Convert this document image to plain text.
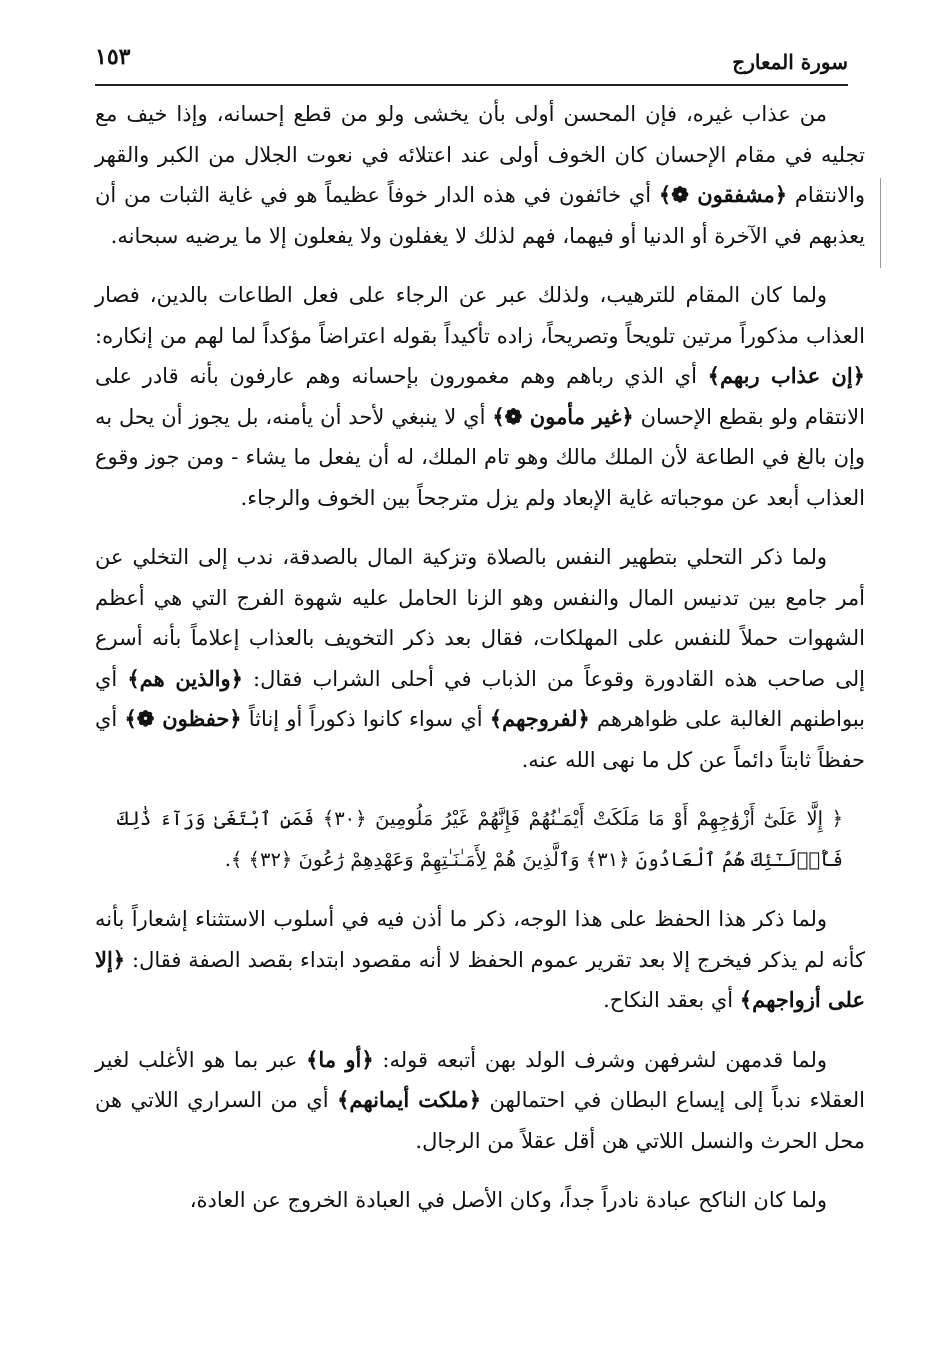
سورة المعارج
١٥٣

من عذاب غيره، فإن المحسن أولى بأن يخشى ولو من قطع إحسانه، وإذا خيف مع تجليه في مقام الإحسان كان الخوف أولى عند اعتلائه في نعوت الجلال من الكبر والقهر والانتقام ﴿مشفقون ❁﴾ أي خائفون في هذه الدار خوفاً عظيماً هو في غاية الثبات من أن يعذبهم في الآخرة أو الدنيا أو فيهما، فهم لذلك لا يغفلون ولا يفعلون إلا ما يرضيه سبحانه.

ولما كان المقام للترهيب، ولذلك عبر عن الرجاء على فعل الطاعات بالدين، فصار العذاب مذكوراً مرتين تلويحاً وتصريحاً، زاده تأكيداً بقوله اعتراضاً مؤكداً لما لهم من إنكاره: ﴿إن عذاب ربهم﴾ أي الذي رباهم وهم مغمورون بإحسانه وهم عارفون بأنه قادر على الانتقام ولو بقطع الإحسان ﴿غير مأمون ❁﴾ أي لا ينبغي لأحد أن يأمنه، بل يجوز أن يحل به وإن بالغ في الطاعة لأن الملك مالك وهو تام الملك، له أن يفعل ما يشاء - ومن جوز وقوع العذاب أبعد عن موجباته غاية الإبعاد ولم يزل مترجحاً بين الخوف والرجاء.

ولما ذكر التحلي بتطهير النفس بالصلاة وتزكية المال بالصدقة، ندب إلى التخلي عن أمر جامع بين تدنيس المال والنفس وهو الزنا الحامل عليه شهوة الفرج التي هي أعظم الشهوات حملاً للنفس على المهلكات، فقال بعد ذكر التخويف بالعذاب إعلاماً بأنه أسرع إلى صاحب هذه القادورة وقوعاً من الذباب في أحلى الشراب فقال: ﴿والذين هم﴾ أي ببواطنهم الغالبة على ظواهرهم ﴿لفروجهم﴾ أي سواء كانوا ذكوراً أو إناثاً ﴿حفظون ❁﴾ أي حفظاً ثابتاً دائماً عن كل ما نهى الله عنه.

﴿ إِلَّا عَلَىٰٓ أَزْوَٰجِهِمْ أَوْ مَا مَلَكَتْ أَيْمَـٰنُهُمْ فَإِنَّهُمْ غَيْرُ مَلُومِينَ ﴿٣٠﴾ فَمَنِ ٱبْتَغَىٰ وَرَآءَ ذَٰلِكَ فَأُو۟لَـٰٓئِكَ هُمُ ٱلْعَادُونَ ﴿٣١﴾ وَٱلَّذِينَ هُمْ لِأَمَـٰنَـٰتِهِمْ وَعَهْدِهِمْ رَٰعُونَ ﴿٣٢﴾ ﴾.

ولما ذكر هذا الحفظ على هذا الوجه، ذكر ما أذن فيه في أسلوب الاستثناء إشعاراً بأنه كأنه لم يذكر فيخرج إلا بعد تقرير عموم الحفظ لا أنه مقصود ابتداء بقصد الصفة فقال: ﴿إلا على أزواجهم﴾ أي بعقد النكاح.

ولما قدمهن لشرفهن وشرف الولد بهن أتبعه قوله: ﴿أو ما﴾ عبر بما هو الأغلب لغير العقلاء ندباً إلى إيساع البطان في احتمالهن ﴿ملكت أيمانهم﴾ أي من السراري اللاتي هن محل الحرث والنسل اللاتي هن أقل عقلاً من الرجال.

ولما كان الناكح عبادة نادراً جداً، وكان الأصل في العبادة الخروج عن العادة،
